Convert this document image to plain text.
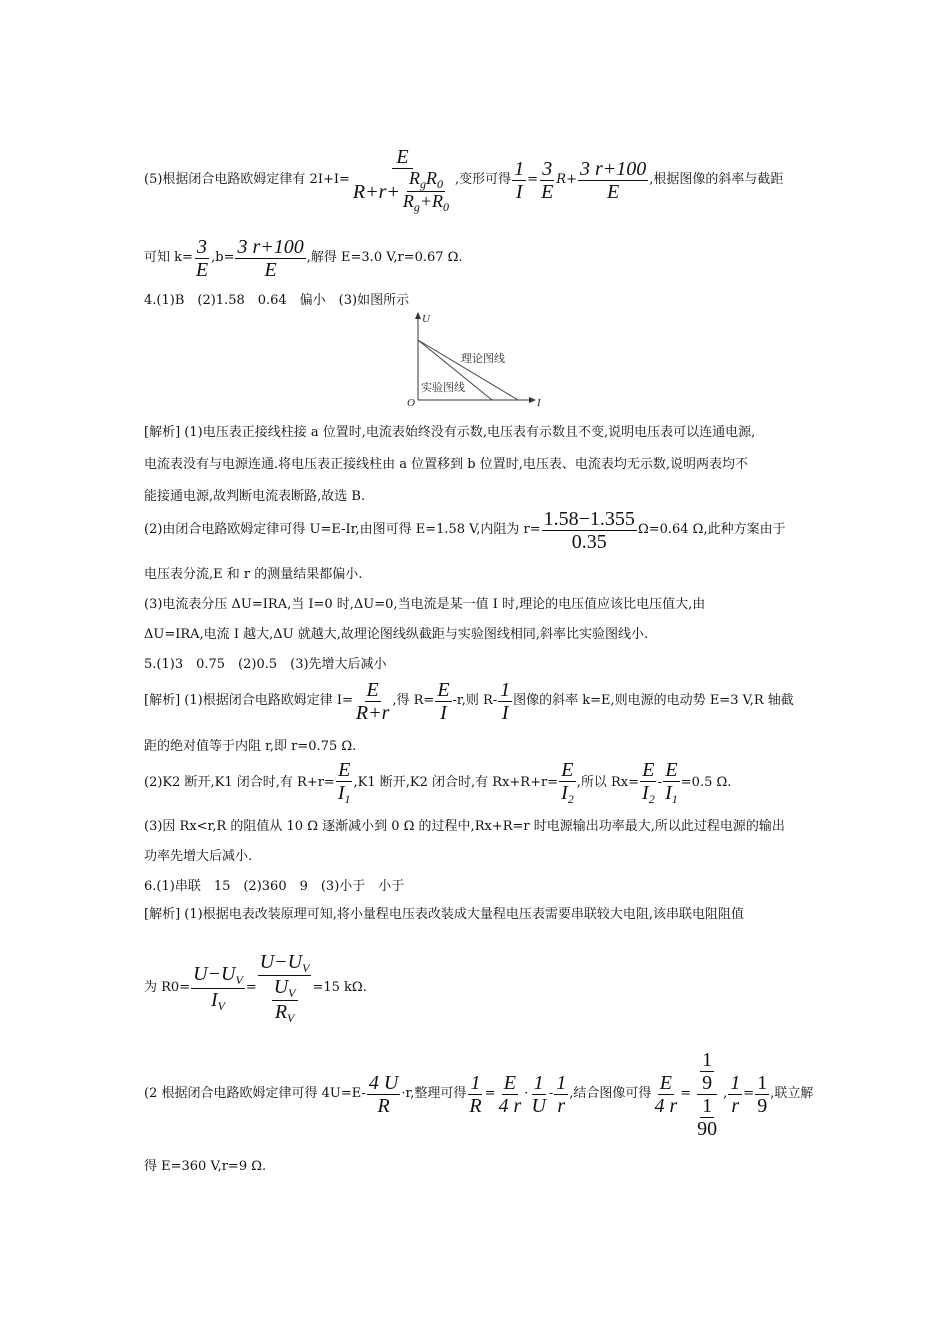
(5)根据闭合电路欧姆定律有 2I+I=
E
R+r+
$R_gR_0$
$R_g+R_0$
,变形可得 $\frac{1}{I} = \frac{3}{E}$ $R + \frac{3 r+100}{E}$ ,根据图像的斜率与截距
可知 $k= \frac{3}{E} ,b= \frac{3 r+100}{E}$ ,解得 E=3.0 V,r=0.67 Ω.
4.(1)B　(2)1.58　0.64　偏小　(3)如图所示
U
I
O
理论图线
实验图线
[解析] (1)电压表正接线柱接 a 位置时,电流表始终没有示数,电压表有示数且不变,说明电压表可以连通电源,
电流表没有与电源连通.将电压表正接线柱由 a 位置移到 b 位置时,电压表、电流表均无示数,说明两表均不
能接通电源,故判断电流表断路,故选 B.
(2)由闭合电路欧姆定律可得 U=E-Ir,由图可得 E=1.58 V,内阻为 $r= \frac{1.58-1.355}{0.35} \Omega=0.64$ Ω,此种方案由于
电压表分流,E 和 r 的测量结果都偏小.
(3)电流表分压 ΔU=IRA,当 I=0 时,ΔU=0,当电流是某一值 I 时,理论的电压值应该比电压值大,由
ΔU=IRA,电流 I 越大,ΔU 就越大,故理论图线纵截距与实验图线相同,斜率比实验图线小.
5.(1)3　0.75　(2)0.5　(3)先增大后减小
[解析] (1)根据闭合电路欧姆定律 $I= \frac{E}{R+r}$ ,得 $R= \frac{E}{I} -r$,则 R- 1
I
图像的斜率 k=E,则电源的电动势 E=3 V,R 轴截
距的绝对值等于内阻 r,即 r=0.75 Ω.
(2)K2 断开,K1 闭合时,有 $R+r= \frac{E}{I_1} ,K1$ 断开,K2 闭合时,有 $Rx+R+r= \frac{E}{I_2}$ ,所以 $Rx= \frac{E}{I_2} - \frac{E}{I_1} =0.5$ Ω.
(3)因 Rx<r,R 的阻值从 10 Ω 逐渐减小到 0 Ω 的过程中,Rx+R=r 时电源输出功率最大,所以此过程电源的输出
功率先增大后减小.
6.(1)串联　15　(2)360　9　(3)小于　小于
[解析] (1)根据电表改装原理可知,将小量程电压表改装成大量程电压表需要串联较大电阻,该串联电阻阻值
为 $R0= \frac{U-U_V}{I_V}$ =
$U-U_V$
$\frac{U_V}{R_V} =15$ kΩ.
(2 根据闭合电路欧姆定律可得 4U=E- 4 U
R
·r,整理可得 $\frac{1}{R} = \frac{E}{4 r} \cdot 1$
U
- 1
r
,结合图像可得 $\frac{E}{4 r} = \frac{\frac{1}{9}}{\frac{1}{90}}$ , $\frac{1}{r} = \frac{1}{9}$ ,联立解
得 E=360 V,r=9 Ω.
